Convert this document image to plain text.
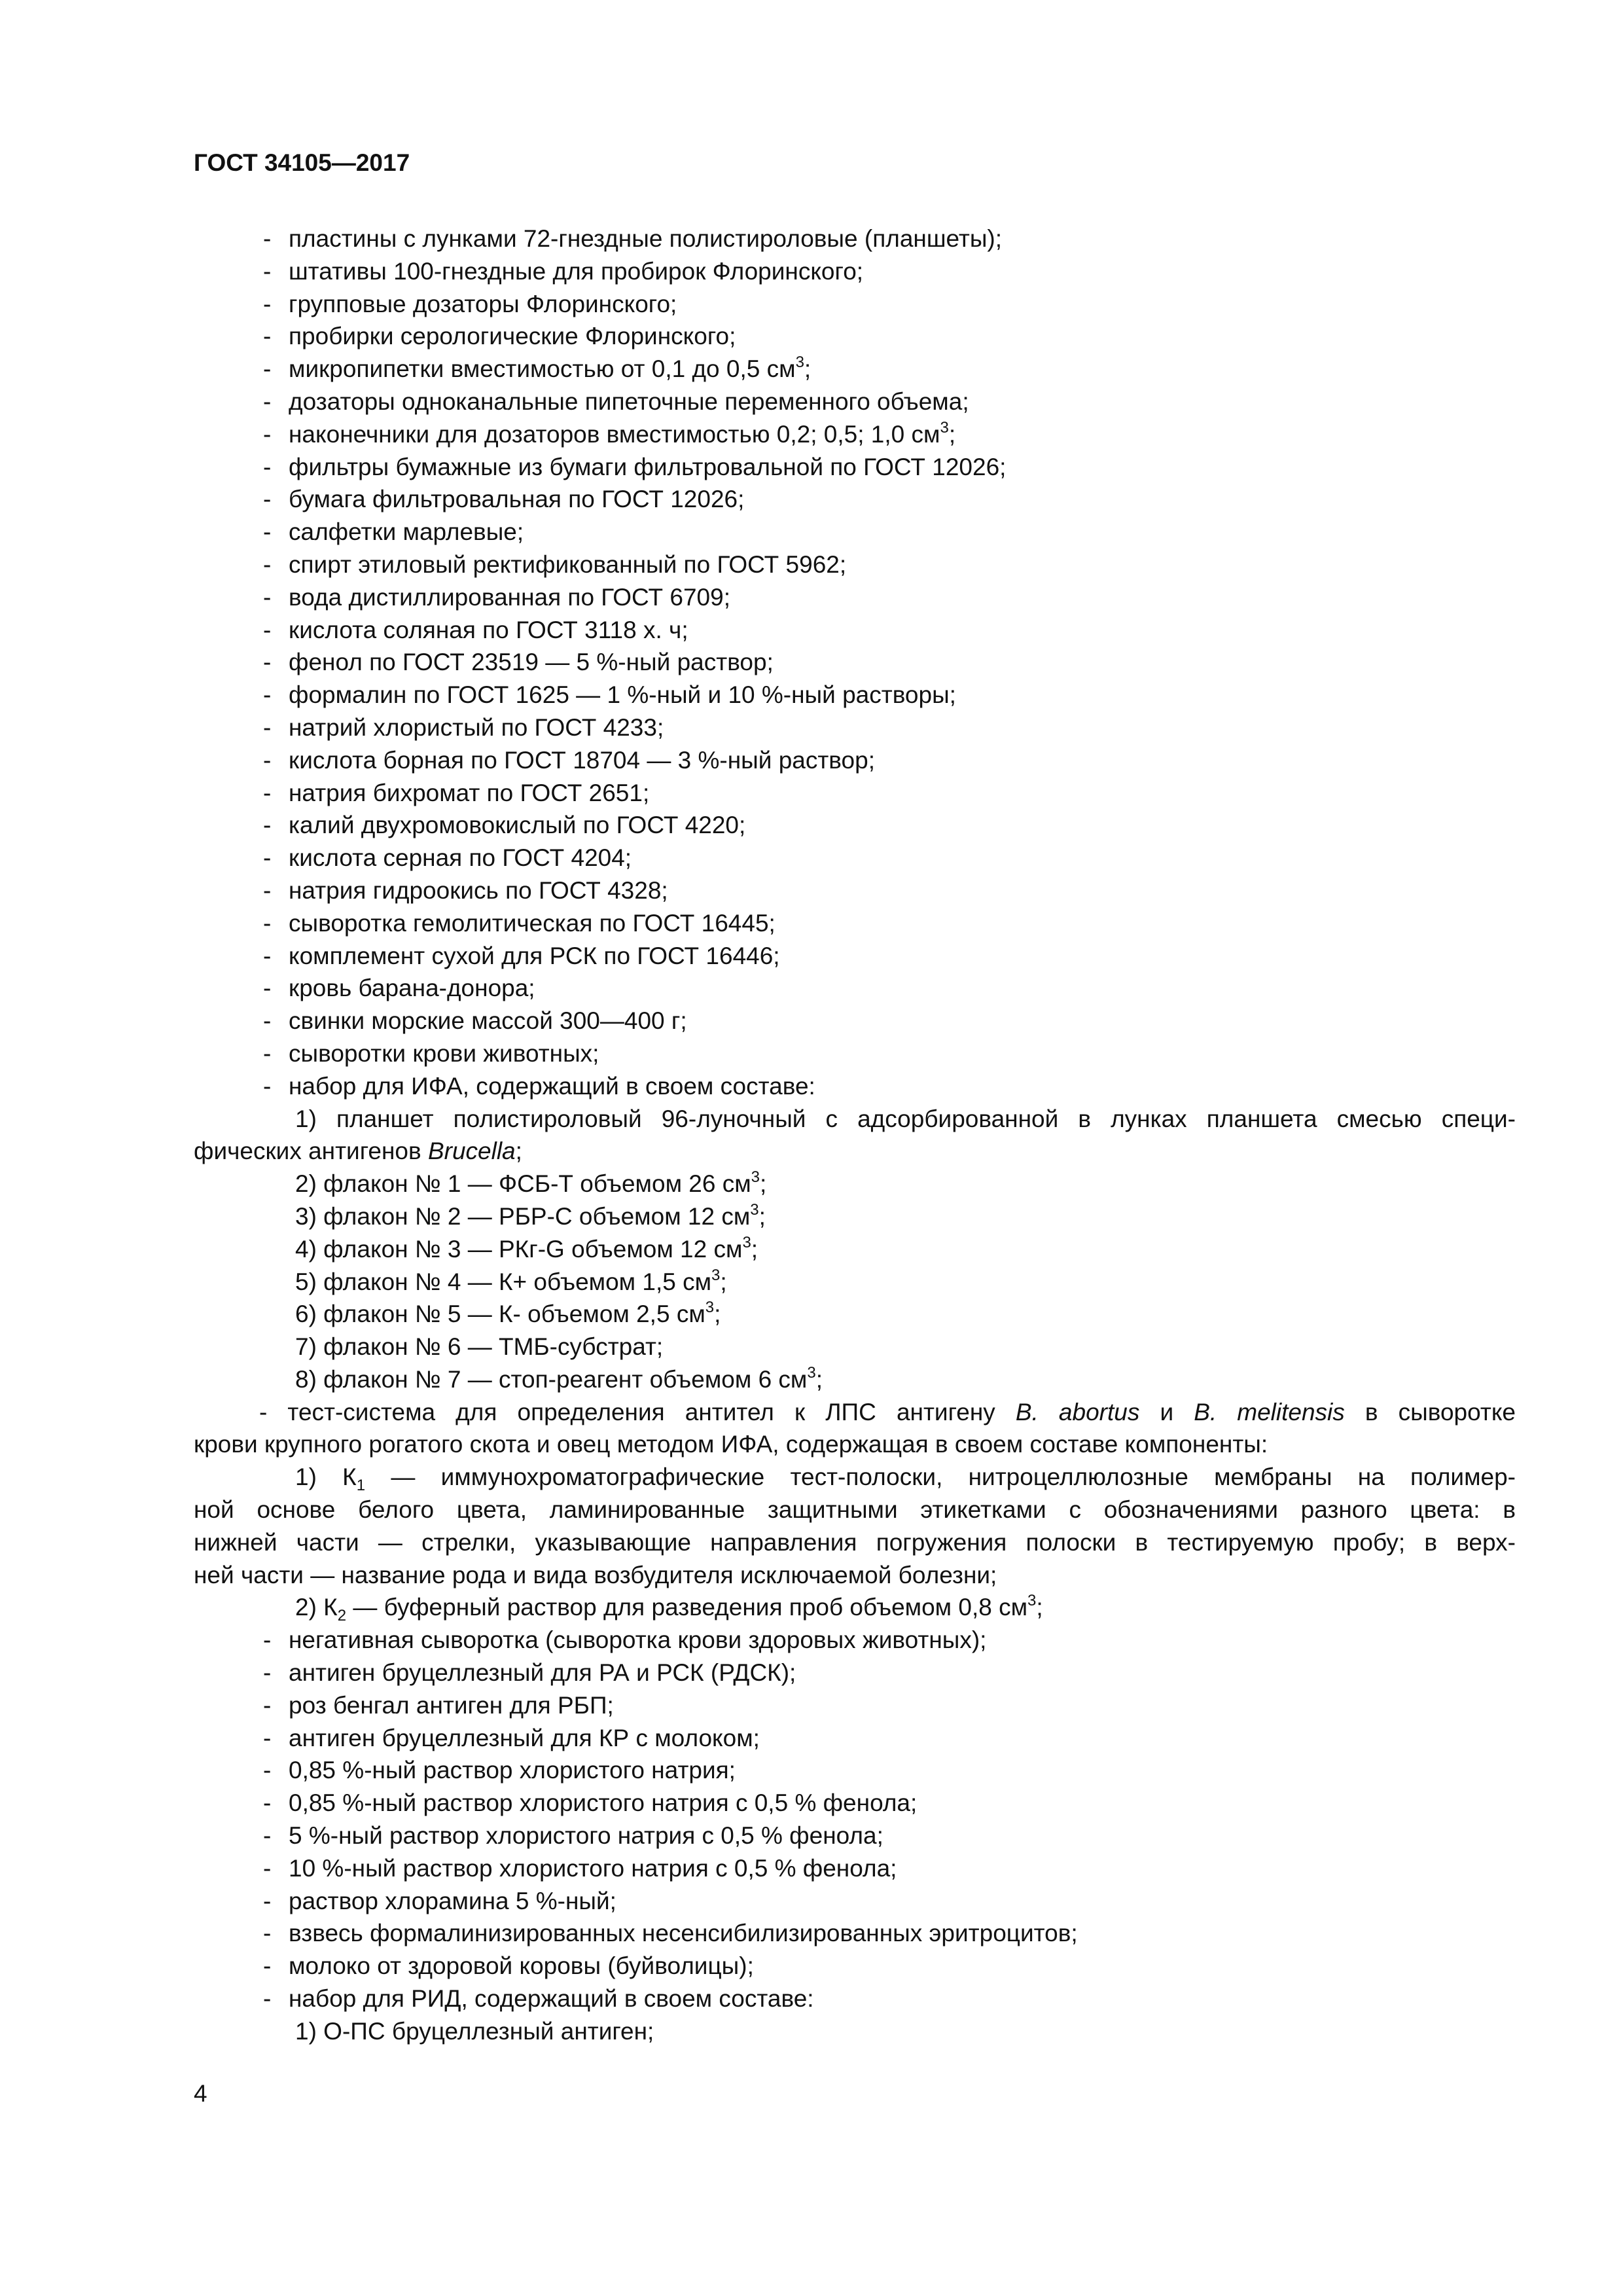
ГОСТ 34105—2017
- пластины с лунками 72-гнездные полистироловые (планшеты);
- штативы 100-гнездные для пробирок Флоринского;
- групповые дозаторы Флоринского;
- пробирки серологические Флоринского;
- микропипетки вместимостью от 0,1 до 0,5 $см^3$;
- дозаторы одноканальные пипеточные переменного объема;
- наконечники для дозаторов вместимостью 0,2; 0,5; 1,0 $см^3$;
- фильтры бумажные из бумаги фильтровальной по ГОСТ 12026;
- бумага фильтровальная по ГОСТ 12026;
- салфетки марлевые;
- спирт этиловый ректификованный по ГОСТ 5962;
- вода дистиллированная по ГОСТ 6709;
- кислота соляная по ГОСТ 3118 х. ч;
- фенол по ГОСТ 23519 — 5 %-ный раствор;
- формалин по ГОСТ 1625 — 1 %-ный и 10 %-ный растворы;
- натрий хлористый по ГОСТ 4233;
- кислота борная по ГОСТ 18704 — 3 %-ный раствор;
- натрия бихромат по ГОСТ 2651;
- калий двухромовокислый по ГОСТ 4220;
- кислота серная по ГОСТ 4204;
- натрия гидроокись по ГОСТ 4328;
- сыворотка гемолитическая по ГОСТ 16445;
- комплемент сухой для РСК по ГОСТ 16446;
- кровь барана-донора;
- свинки морские массой 300—400 г;
- сыворотки крови животных;
- набор для ИФА, содержащий в своем составе:
1) планшет полистироловый 96-луночный с адсорбированной в лунках планшета смесью специ-
фических антигенов Brucella;
2) флакон № 1 — ФСБ-Т объемом 26 $см^3$;
3) флакон № 2 — РБР-С объемом 12 $см^3$;
4) флакон № 3 — РКг-G объемом 12 $см^3$;
5) флакон № 4 — К+ объемом 1,5 $см^3$;
6) флакон № 5 — К- объемом 2,5 $см^3$;
7) флакон № 6 — ТМБ-субстрат;
8) флакон № 7 — стоп-реагент объемом 6 $см^3$;
- тест-система для определения антител к ЛПС антигену B. abortus и B. melitensis в сыворотке
крови крупного рогатого скота и овец методом ИФА, содержащая в своем составе компоненты:
1) $К_1$ — иммунохроматографические тест-полоски, нитроцеллюлозные мембраны на полимер-
ной основе белого цвета, ламинированные защитными этикетками с обозначениями разного цвета: в
нижней части — стрелки, указывающие направления погружения полоски в тестируемую пробу; в верх-
ней части — название рода и вида возбудителя исключаемой болезни;
2) $К_2$ — буферный раствор для разведения проб объемом 0,8 $см^3$;
- негативная сыворотка (сыворотка крови здоровых животных);
- антиген бруцеллезный для РА и РСК (РДСК);
- роз бенгал антиген для РБП;
- антиген бруцеллезный для КР с молоком;
- 0,85 %-ный раствор хлористого натрия;
- 0,85 %-ный раствор хлористого натрия с 0,5 % фенола;
- 5 %-ный раствор хлористого натрия с 0,5 % фенола;
- 10 %-ный раствор хлористого натрия с 0,5 % фенола;
- раствор хлорамина 5 %-ный;
- взвесь формалинизированных несенсибилизированных эритроцитов;
- молоко от здоровой коровы (буйволицы);
- набор для РИД, содержащий в своем составе:
1) О-ПС бруцеллезный антиген;
4
